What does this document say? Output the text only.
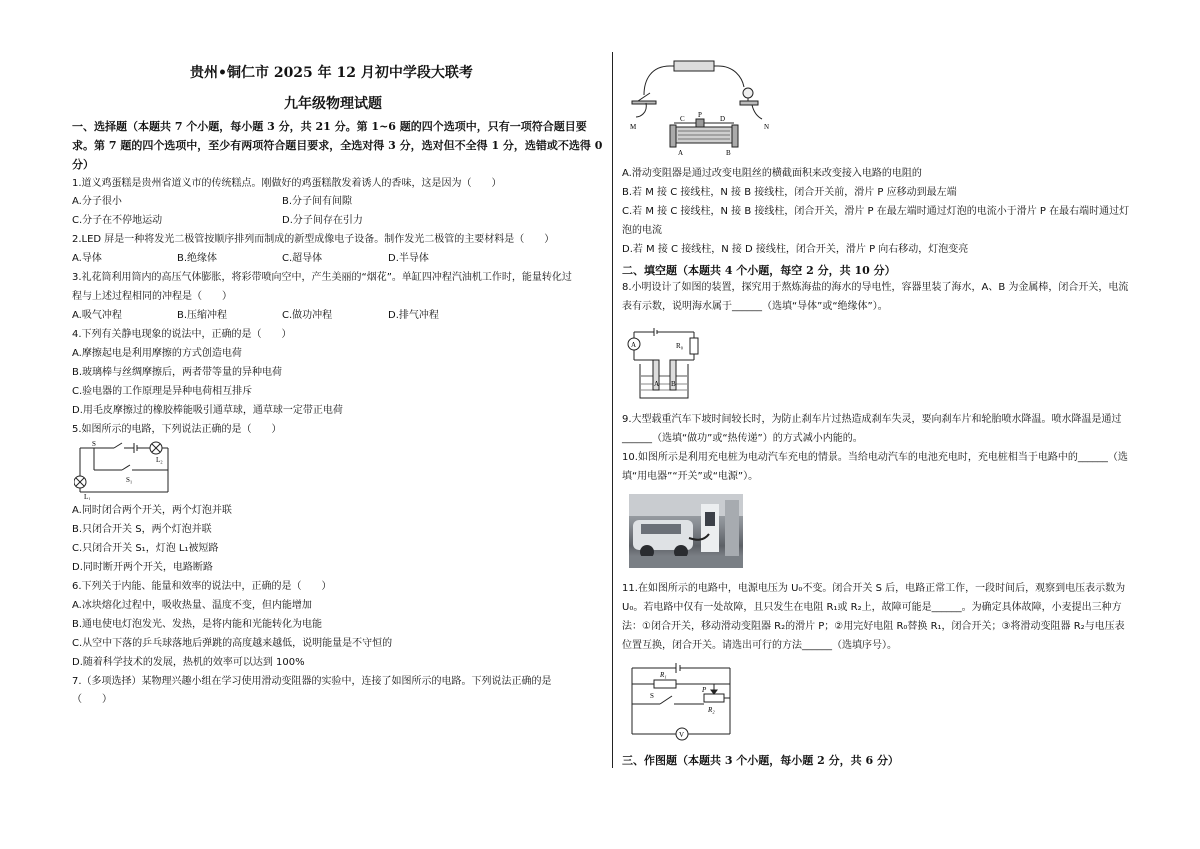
贵州•铜仁市 2025 年 12 月初中学段大联考
九年级物理试题
一、选择题（本题共 7 个小题，每小题 3 分，共 21 分。第 1~6 题的四个选项中，只有一项符合题目要求。第 7 题的四个选项中，至少有两项符合题目要求，全选对得 3 分，选对但不全得 1 分，选错或不选得 0 分）
1.道义鸡蛋糕是贵州省道义市的传统糕点。刚做好的鸡蛋糕散发着诱人的香味，这是因为（　　）
A.分子很小	B.分子间有间隙
C.分子在不停地运动	D.分子间存在引力
2.LED 屏是一种将发光二极管按顺序排列而制成的新型成像电子设备。制作发光二极管的主要材料是（　　）
A.导体	B.绝缘体	C.超导体	D.半导体
3.礼花筒利用筒内的高压气体膨胀，将彩带喷向空中，产生美丽的“烟花”。单缸四冲程汽油机工作时，能量转化过
程与上述过程相同的冲程是（　　）
A.吸气冲程	B.压缩冲程	C.做功冲程	D.排气冲程
4.下列有关静电现象的说法中，正确的是（　　）
A.摩擦起电是利用摩擦的方式创造电荷
B.玻璃棒与丝绸摩擦后，两者带等量的异种电荷
C.验电器的工作原理是异种电荷相互排斥
D.用毛皮摩擦过的橡胶棒能吸引通草球，通草球一定带正电荷
5.如图所示的电路，下列说法正确的是（　　）
S
L₂
S₁
L₁
A.同时闭合两个开关，两个灯泡并联
B.只闭合开关 S，两个灯泡并联
C.只闭合开关 S₁，灯泡 L₁被短路
D.同时断开两个开关，电路断路
6.下列关于内能、能量和效率的说法中，正确的是（　　）
A.冰块熔化过程中，吸收热量、温度不变，但内能增加
B.通电使电灯泡发光、发热，是将内能和光能转化为电能
C.从空中下落的乒乓球落地后弹跳的高度越来越低，说明能量是不守恒的
D.随着科学技术的发展，热机的效率可以达到 100%
7.（多项选择）某物理兴趣小组在学习使用滑动变阻器的实验中，连接了如图所示的电路。下列说法正确的是
（　　）
M	N
C P	D
A	B
A.滑动变阻器是通过改变电阻丝的横截面积来改变接入电路的电阻的
B.若 M 接 C 接线柱，N 接 B 接线柱，闭合开关前，滑片 P 应移动到最左端
C.若 M 接 C 接线柱，N 接 B 接线柱，闭合开关，滑片 P 在最左端时通过灯泡的电流小于滑片 P 在最右端时通过灯
泡的电流
D.若 M 接 C 接线柱，N 接 D 接线柱，闭合开关，滑片 P 向右移动，灯泡变亮
二、填空题（本题共 4 个小题，每空 2 分，共 10 分）
8.小明设计了如图的装置，探究用于熬炼海盐的海水的导电性，容器里装了海水，A、B 为金属棒，闭合开关，电流
表有示数，说明海水属于______（选填“导体”或“绝缘体”）。
A	R₀
A B
9.大型载重汽车下坡时间较长时，为防止刹车片过热造成刹车失灵，要向刹车片和轮胎喷水降温。喷水降温是通过
______（选填“做功”或“热传递”）的方式减小内能的。
10.如图所示是利用充电桩为电动汽车充电的情景。当给电动汽车的电池充电时，充电桩相当于电路中的______（选
填“用电器”“开关”或“电源”）。
11.在如图所示的电路中，电源电压为 U₀不变。闭合开关 S 后，电路正常工作，一段时间后，观察到电压表示数为
U₀。若电路中仅有一处故障，且只发生在电阻 R₁或 R₂上，故障可能是______。为确定具体故障，小麦提出三种方
法：①闭合开关，移动滑动变阻器 R₂的滑片 P；②用完好电阻 R₀替换 R₁，闭合开关；③将滑动变阻器 R₂与电压表
位置互换，闭合开关。请选出可行的方法______（选填序号）。
R₁
S
P
R₂
V
三、作图题（本题共 3 个小题，每小题 2 分，共 6 分）
